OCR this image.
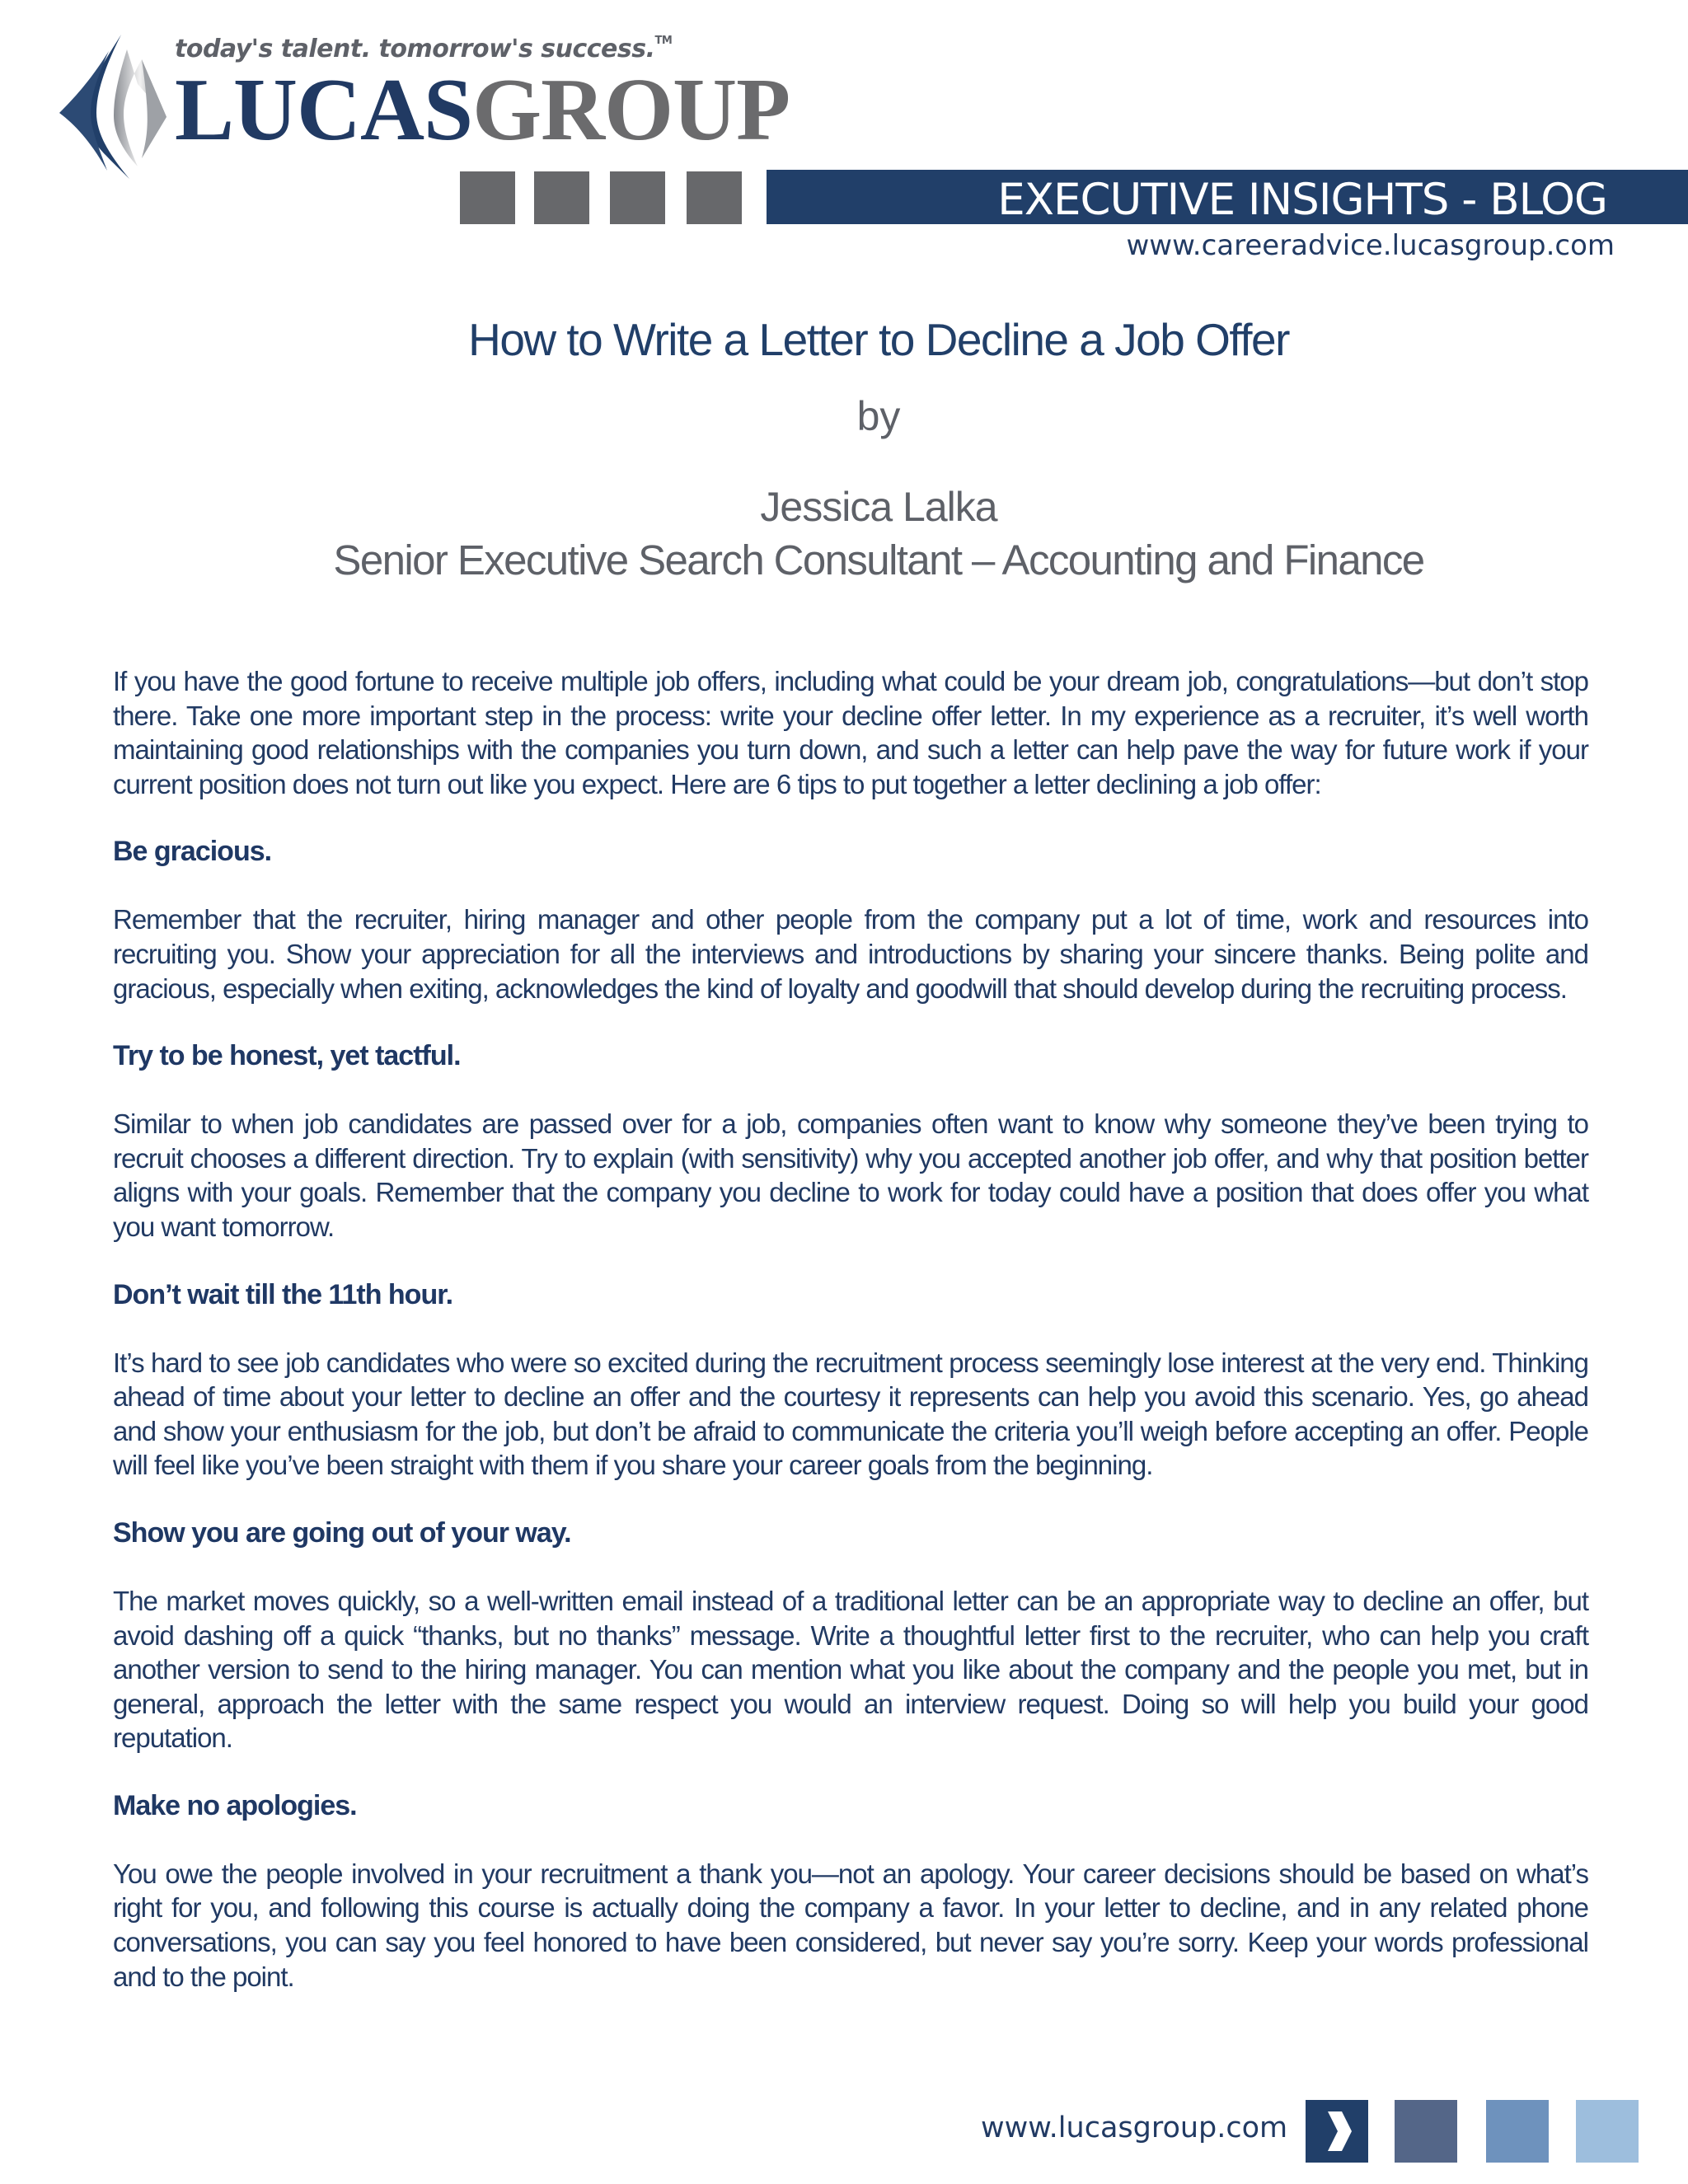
today's talent. tomorrow's success.™
LUCASGROUP
EXECUTIVE INSIGHTS - BLOG
www.careeradvice.lucasgroup.com
How to Write a Letter to Decline a Job Offer
by
Jessica Lalka
Senior Executive Search Consultant – Accounting and Finance

If you have the good fortune to receive multiple job offers, including what could be your dream job, congratulations—but don’t stop there. Take one more important step in the process: write your decline offer letter. In my experience as a recruiter, it’s well worth maintaining good relationships with the companies you turn down, and such a letter can help pave the way for future work if your current position does not turn out like you expect. Here are 6 tips to put together a letter declining a job offer:

Be gracious.

Remember that the recruiter, hiring manager and other people from the company put a lot of time, work and resources into recruiting you. Show your appreciation for all the interviews and introductions by sharing your sincere thanks. Being polite and gracious, especially when exiting, acknowledges the kind of loyalty and goodwill that should develop during the recruiting process.

Try to be honest, yet tactful.

Similar to when job candidates are passed over for a job, companies often want to know why someone they’ve been trying to recruit chooses a different direction. Try to explain (with sensitivity) why you accepted another job offer, and why that position better aligns with your goals. Remember that the company you decline to work for today could have a position that does offer you what you want tomorrow.

Don’t wait till the 11th hour.

It’s hard to see job candidates who were so excited during the recruitment process seemingly lose interest at the very end. Thinking ahead of time about your letter to decline an offer and the courtesy it represents can help you avoid this scenario. Yes, go ahead and show your enthusiasm for the job, but don’t be afraid to communicate the criteria you’ll weigh before accepting an offer. People will feel like you’ve been straight with them if you share your career goals from the beginning.

Show you are going out of your way.

The market moves quickly, so a well-written email instead of a traditional letter can be an appropriate way to decline an offer, but avoid dashing off a quick “thanks, but no thanks” message. Write a thoughtful letter first to the recruiter, who can help you craft another version to send to the hiring manager. You can mention what you like about the company and the people you met, but in general, approach the letter with the same respect you would an interview request. Doing so will help you build your good reputation.

Make no apologies.

You owe the people involved in your recruitment a thank you—not an apology. Your career decisions should be based on what’s right for you, and following this course is actually doing the company a favor. In your letter to decline, and in any related phone conversations, you can say you feel honored to have been considered, but never say you’re sorry. Keep your words professional and to the point.

www.lucasgroup.com
